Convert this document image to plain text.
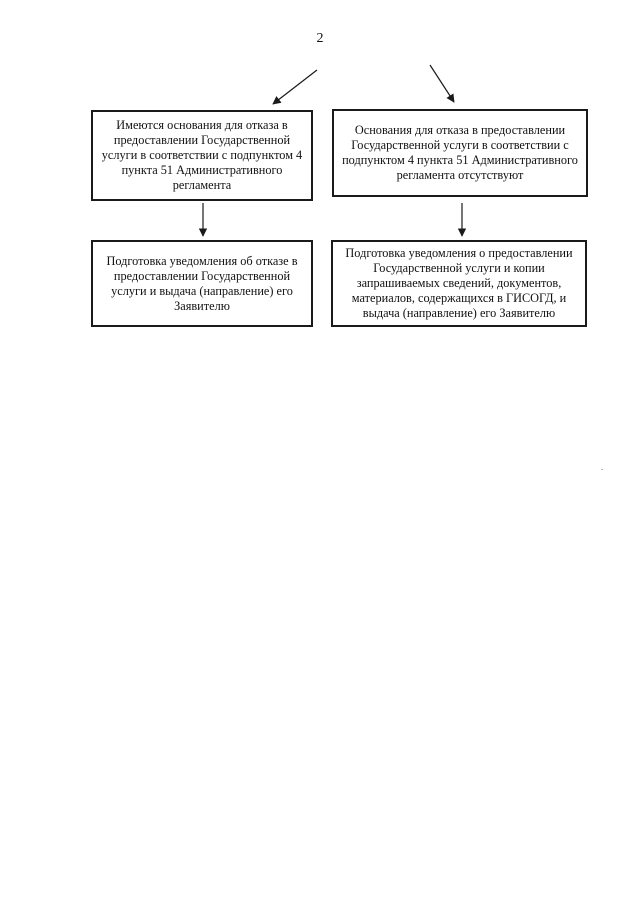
2
Имеются основания для отказа в предоставлении Государственной услуги в соответствии с подпунктом 4 пункта 51 Административного регламента
Основания для отказа в предоставлении Государственной услуги в соответствии с подпунктом 4 пункта 51 Административного регламента отсутствуют
Подготовка уведомления об отказе в предоставлении Государственной услуги и выдача (направление) его Заявителю
Подготовка уведомления о предоставлении Государственной услуги и копии запрашиваемых сведений, документов, материалов, содержащихся в ГИСОГД, и выдача (направление) его Заявителю
